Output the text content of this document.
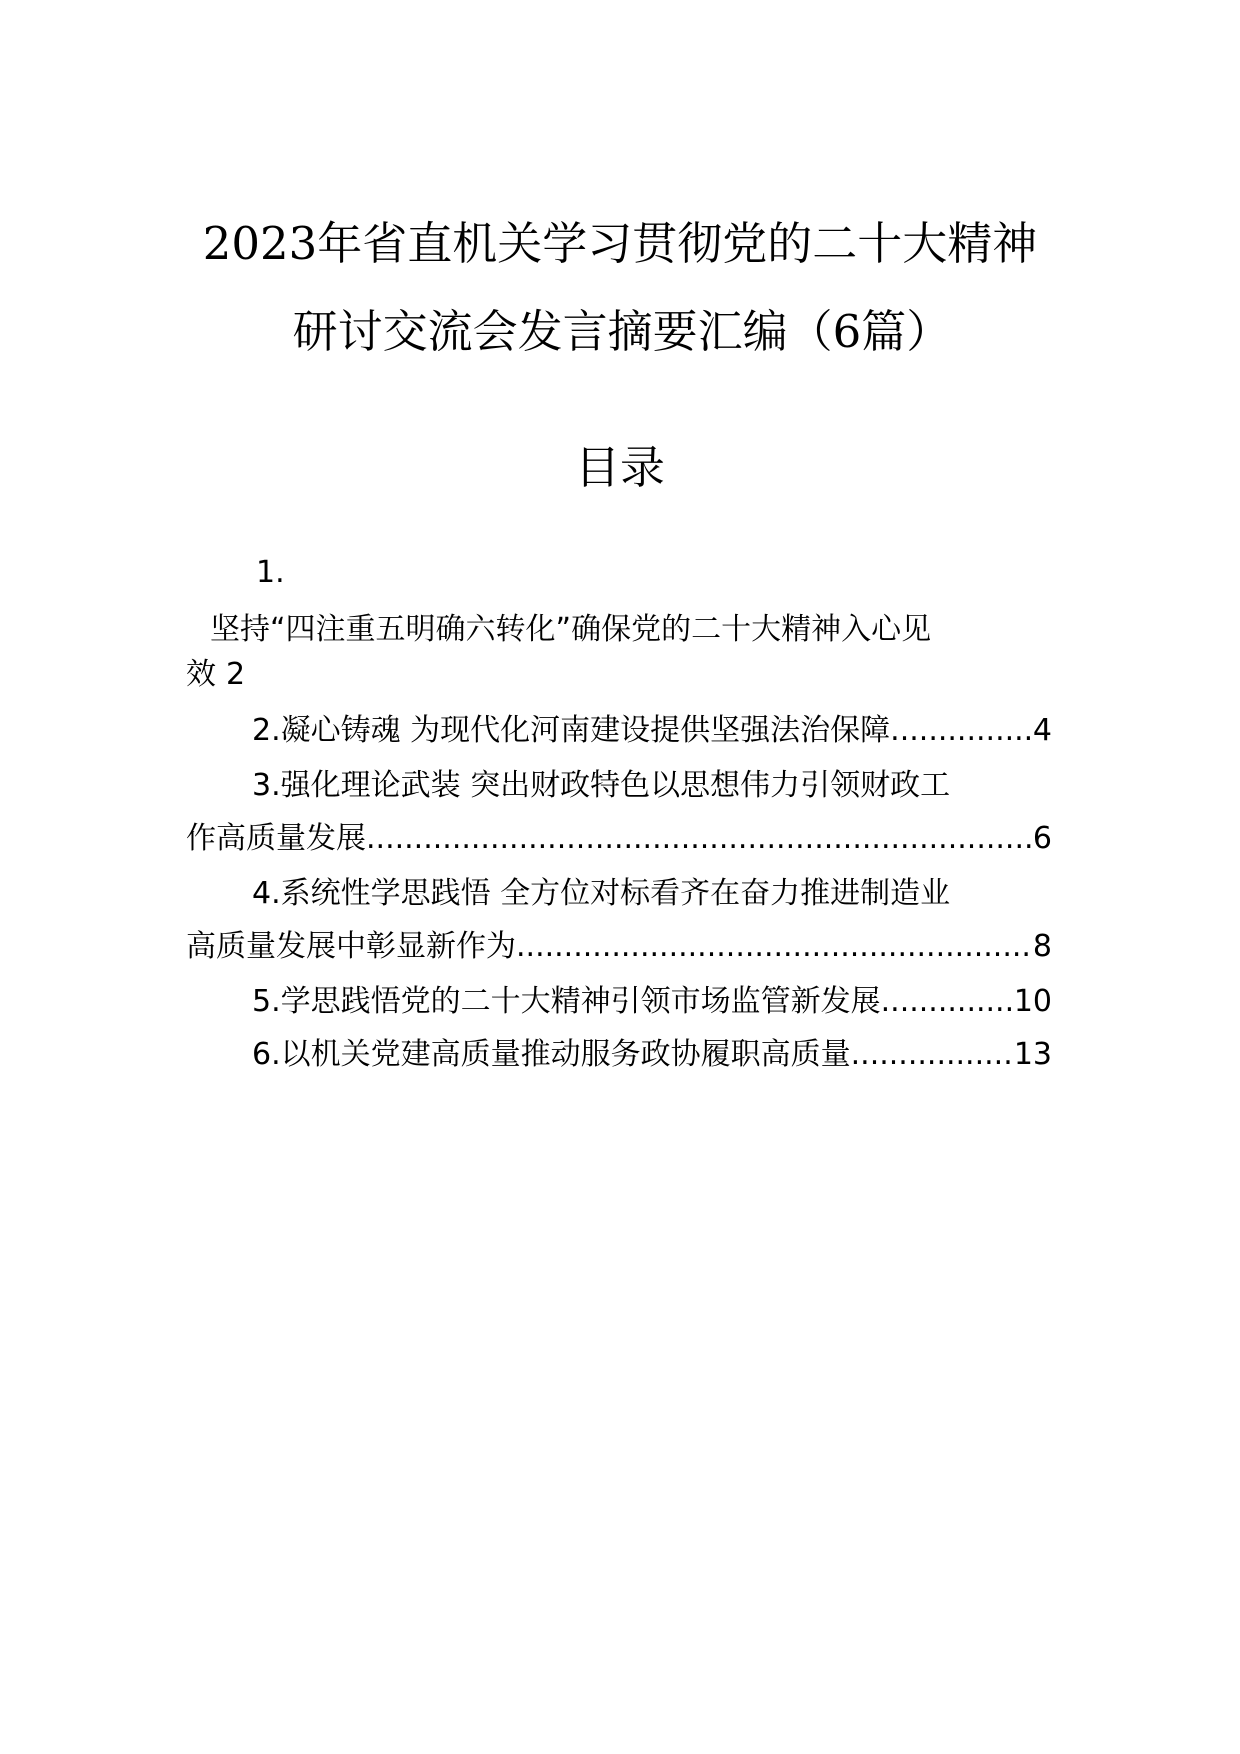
2023年省直机关学习贯彻党的二十大精神
研讨交流会发言摘要汇编（6篇）
目录
1.
坚持“四注重五明确六转化”确保党的二十大精神入心见
效 2
2.凝心铸魂 为现代化河南建设提供坚强法治保障 .....	4
3.强化理论武装 突出财政特色以思想伟力引领财政工
作高质量发展 .....	6
4.系统性学思践悟 全方位对标看齐在奋力推进制造业
高质量发展中彰显新作为 .....	8
5.学思践悟党的二十大精神引领市场监管新发展 .....	10
6.以机关党建高质量推动服务政协履职高质量 .....	13
